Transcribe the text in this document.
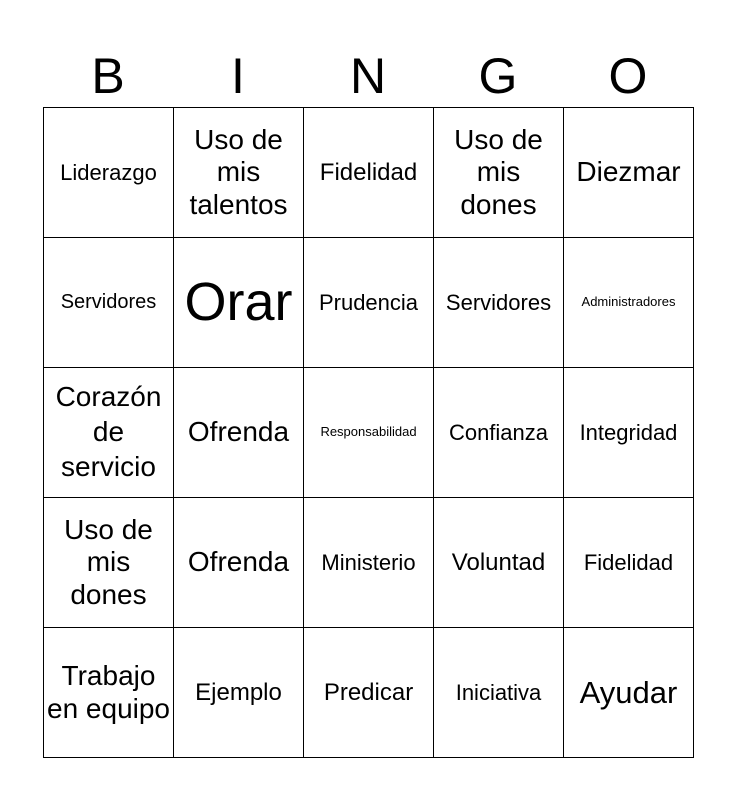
B	I	N	G	O
Liderazgo	Uso de mis talentos	Fidelidad	Uso de mis dones	Diezmar
Servidores	Orar	Prudencia	Servidores	Administradores
Corazón de servicio	Ofrenda	Responsabilidad	Confianza	Integridad
Uso de mis dones	Ofrenda	Ministerio	Voluntad	Fidelidad
Trabajo en equipo	Ejemplo	Predicar	Iniciativa	Ayudar
